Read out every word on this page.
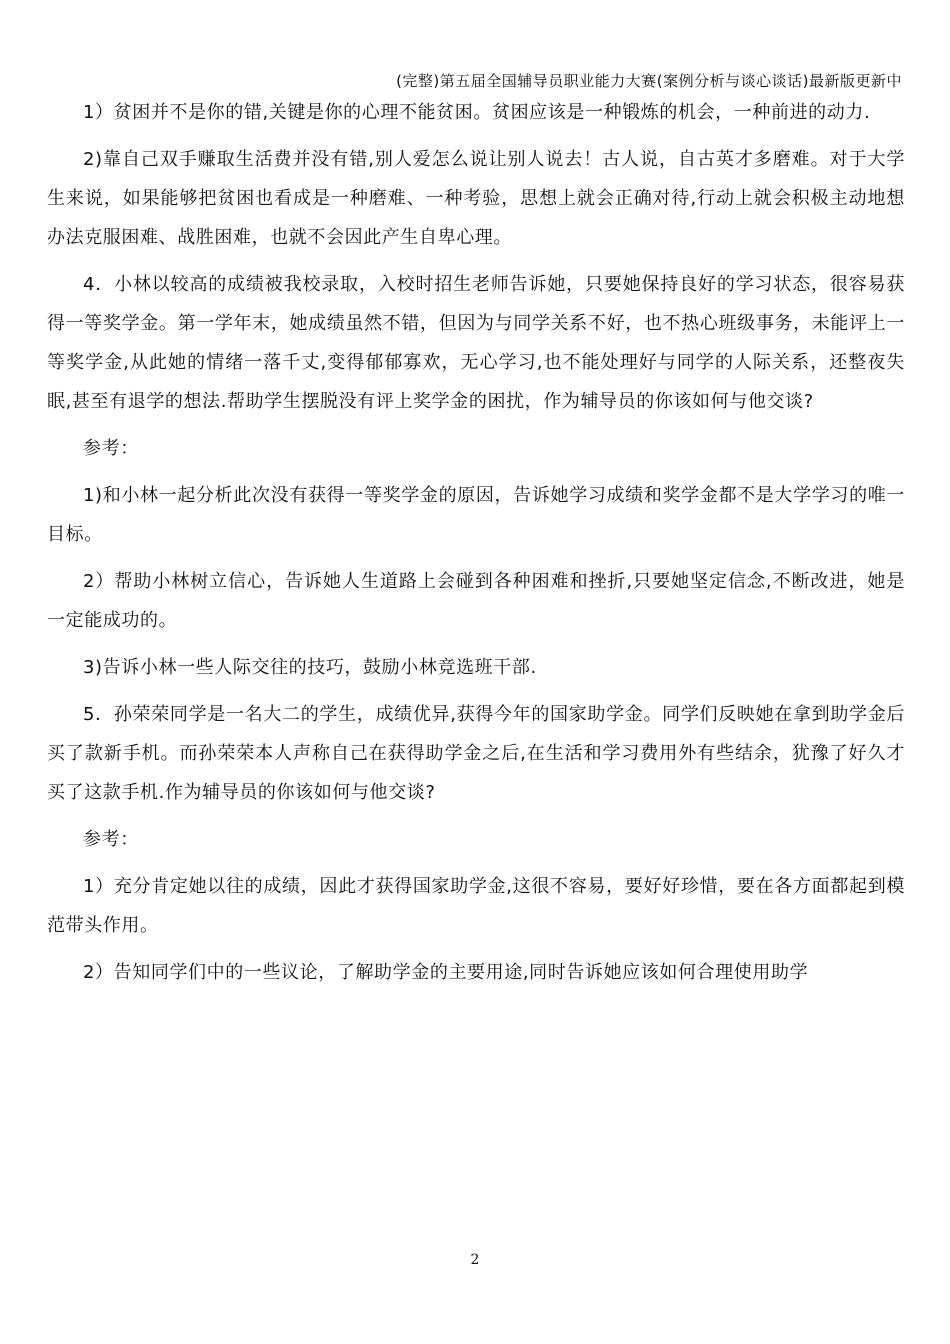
(完整)第五届全国辅导员职业能力大赛(案例分析与谈心谈话)最新版更新中

1）贫困并不是你的错,关键是你的心理不能贫困。贫困应该是一种锻炼的机会，一种前进的动力.

2)靠自己双手赚取生活费并没有错,别人爱怎么说让别人说去！古人说，自古英才多磨难。对于大学生来说，如果能够把贫困也看成是一种磨难、一种考验，思想上就会正确对待,行动上就会积极主动地想办法克服困难、战胜困难，也就不会因此产生自卑心理。

4．小林以较高的成绩被我校录取，入校时招生老师告诉她，只要她保持良好的学习状态，很容易获得一等奖学金。第一学年末，她成绩虽然不错，但因为与同学关系不好，也不热心班级事务，未能评上一等奖学金,从此她的情绪一落千丈,变得郁郁寡欢，无心学习,也不能处理好与同学的人际关系，还整夜失眠,甚至有退学的想法.帮助学生摆脱没有评上奖学金的困扰，作为辅导员的你该如何与他交谈?

参考：

1)和小林一起分析此次没有获得一等奖学金的原因，告诉她学习成绩和奖学金都不是大学学习的唯一目标。

2）帮助小林树立信心，告诉她人生道路上会碰到各种困难和挫折,只要她坚定信念,不断改进，她是一定能成功的。

3)告诉小林一些人际交往的技巧，鼓励小林竞选班干部.

5．孙荣荣同学是一名大二的学生，成绩优异,获得今年的国家助学金。同学们反映她在拿到助学金后买了款新手机。而孙荣荣本人声称自己在获得助学金之后,在生活和学习费用外有些结余，犹豫了好久才买了这款手机.作为辅导员的你该如何与他交谈?

参考：

1）充分肯定她以往的成绩，因此才获得国家助学金,这很不容易，要好好珍惜，要在各方面都起到模范带头作用。

2）告知同学们中的一些议论，了解助学金的主要用途,同时告诉她应该如何合理使用助学

2
